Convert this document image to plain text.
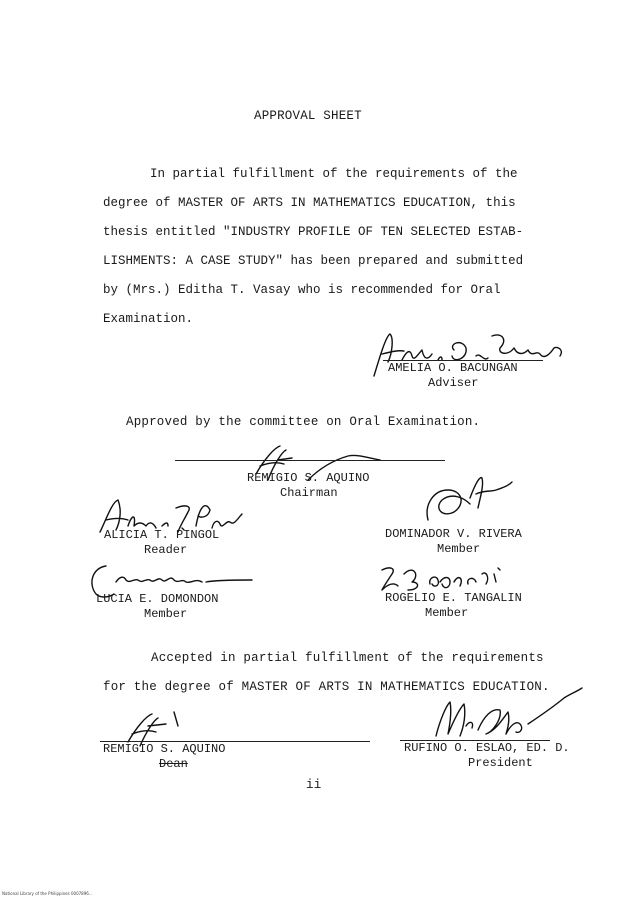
APPROVAL SHEET
In partial fulfillment of the requirements of the
degree of MASTER OF ARTS IN MATHEMATICS EDUCATION, this
thesis entitled "INDUSTRY PROFILE OF TEN SELECTED ESTAB-
LISHMENTS: A CASE STUDY" has been prepared and submitted
by (Mrs.) Editha T. Vasay who is recommended for Oral
Examination.
AMELIA O. BACUNGAN
Adviser
Approved by the committee on Oral Examination.
REMIGIO S. AQUINO
Chairman
ALICIA T. PINGOL
Reader
DOMINADOR V. RIVERA
Member
LUCIA E. DOMONDON
Member
ROGELIO E. TANGALIN
Member
Accepted in partial fulfillment of the requirements
for the degree of MASTER OF ARTS IN MATHEMATICS EDUCATION.
REMIGIO S. AQUINO
Dean
RUFINO O. ESLAO, ED. D.
President
ii
National Library of the Philippines 0007896...
